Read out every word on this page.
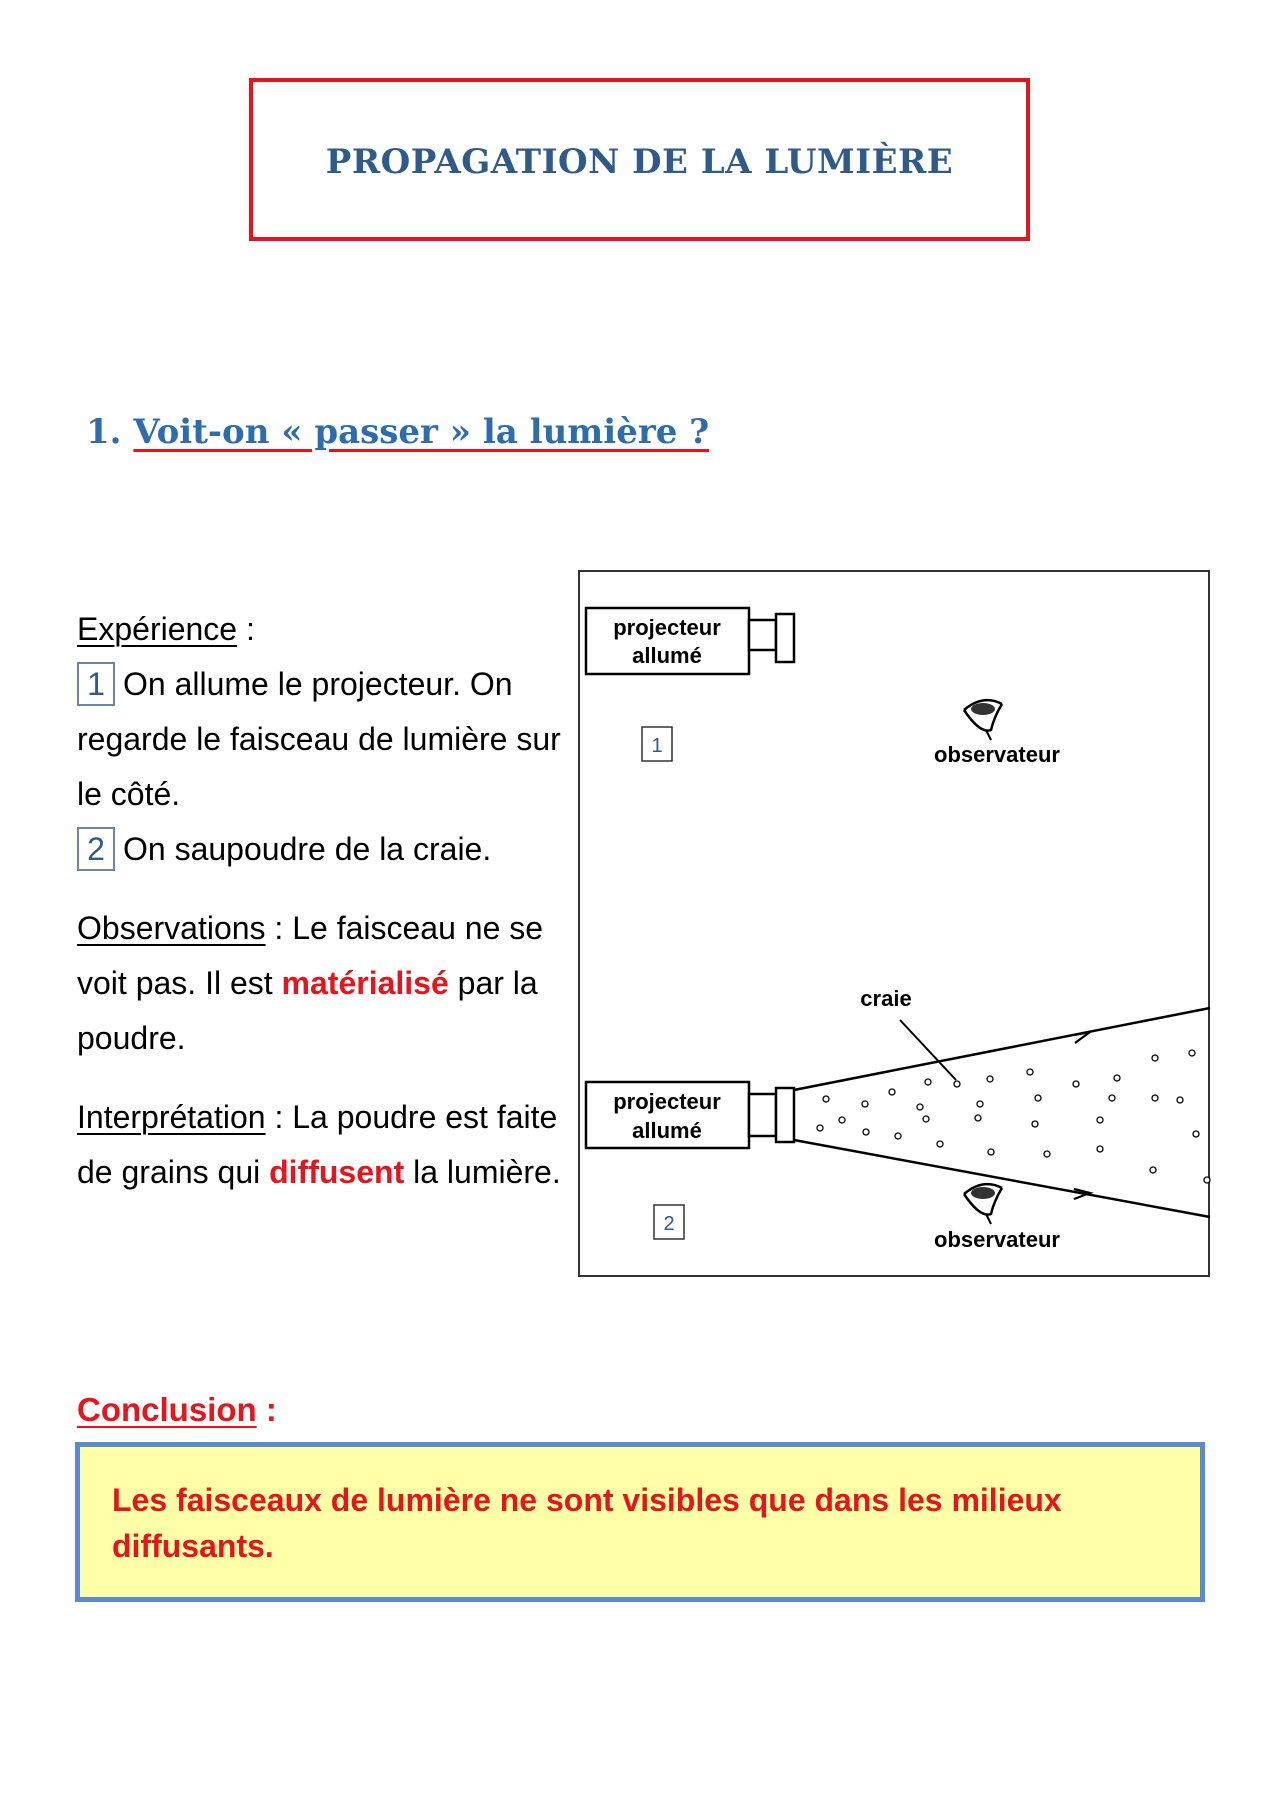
PROPAGATION DE LA LUMIÈRE
1. Voit-on « passer » la lumière ?

Expérience :

1 On allume le projecteur. On regarde le faisceau de lumière sur le côté.

2 On saupoudre de la craie.

Observations : Le faisceau ne se voit pas. Il est matérialisé par la poudre.

Interprétation : La poudre est faite de grains qui diffusent la lumière.

projecteur
allumé
1	observateur
projecteur
allumé
craie
observateur
2
Conclusion :
Les faisceaux de lumière ne sont visibles que dans les milieux diffusants.
